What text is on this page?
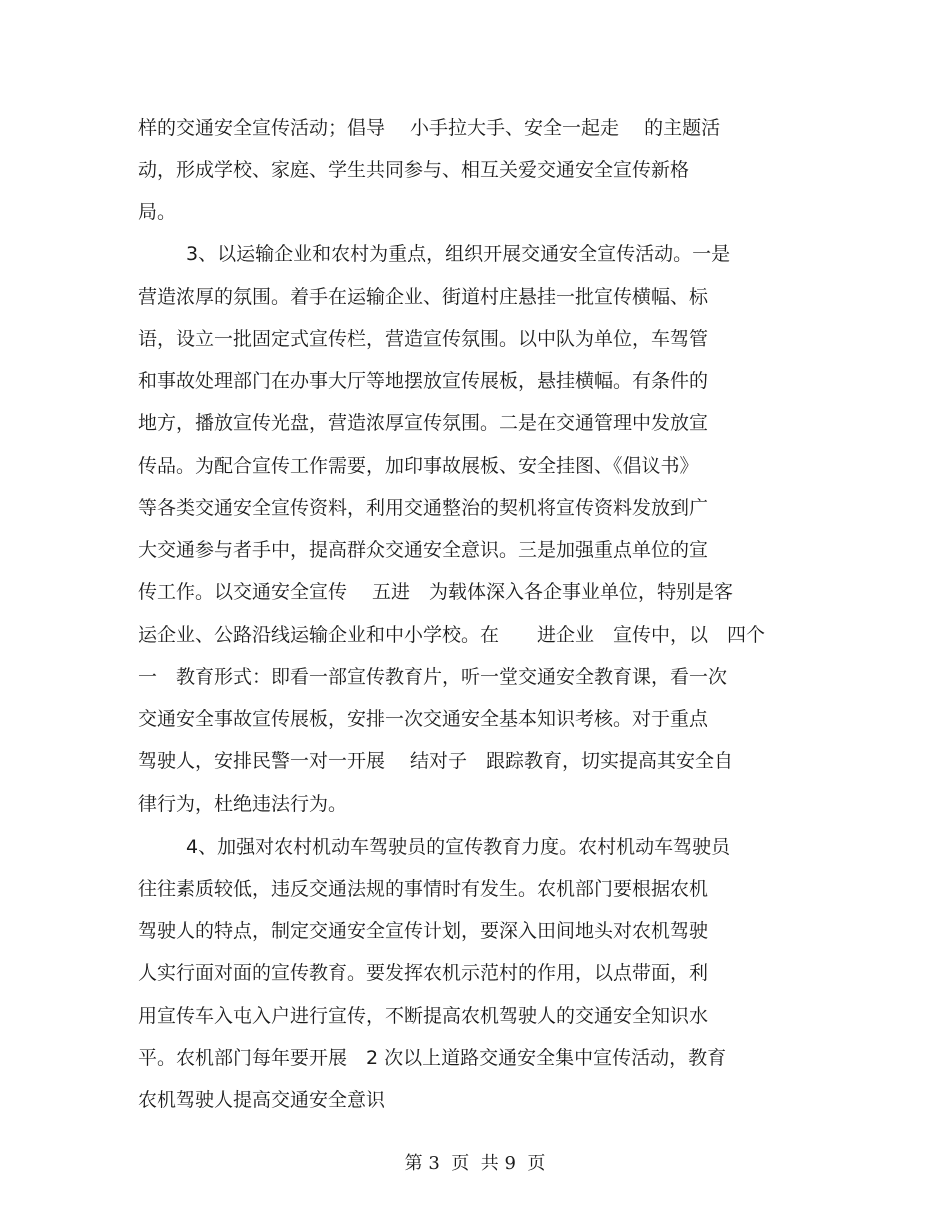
样的交通安全宣传活动；倡导　 小手拉大手、安全一起走　 的主题活
动，形成学校、家庭、学生共同参与、相互关爱交通安全宣传新格
局。
3、以运输企业和农村为重点，组织开展交通安全宣传活动。一是
营造浓厚的氛围。着手在运输企业、街道村庄悬挂一批宣传横幅、标
语，设立一批固定式宣传栏，营造宣传氛围。以中队为单位，车驾管
和事故处理部门在办事大厅等地摆放宣传展板，悬挂横幅。有条件的
地方，播放宣传光盘，营造浓厚宣传氛围。二是在交通管理中发放宣
传品。为配合宣传工作需要，加印事故展板、安全挂图、《倡议书》
等各类交通安全宣传资料，利用交通整治的契机将宣传资料发放到广
大交通参与者手中，提高群众交通安全意识。三是加强重点单位的宣
传工作。以交通安全宣传　 五进　为载体深入各企事业单位，特别是客
运企业、公路沿线运输企业和中小学校。在　　进企业　宣传中，以　四个
一　教育形式：即看一部宣传教育片，听一堂交通安全教育课，看一次
交通安全事故宣传展板，安排一次交通安全基本知识考核。对于重点
驾驶人，安排民警一对一开展　 结对子　跟踪教育，切实提高其安全自
律行为，杜绝违法行为。
4、加强对农村机动车驾驶员的宣传教育力度。农村机动车驾驶员
往往素质较低，违反交通法规的事情时有发生。农机部门要根据农机
驾驶人的特点，制定交通安全宣传计划，要深入田间地头对农机驾驶
人实行面对面的宣传教育。要发挥农机示范村的作用，以点带面，利
用宣传车入屯入户进行宣传，不断提高农机驾驶人的交通安全知识水
平。农机部门每年要开展　2 次以上道路交通安全集中宣传活动，教育
农机驾驶人提高交通安全意识
第 3  页  共 9  页
